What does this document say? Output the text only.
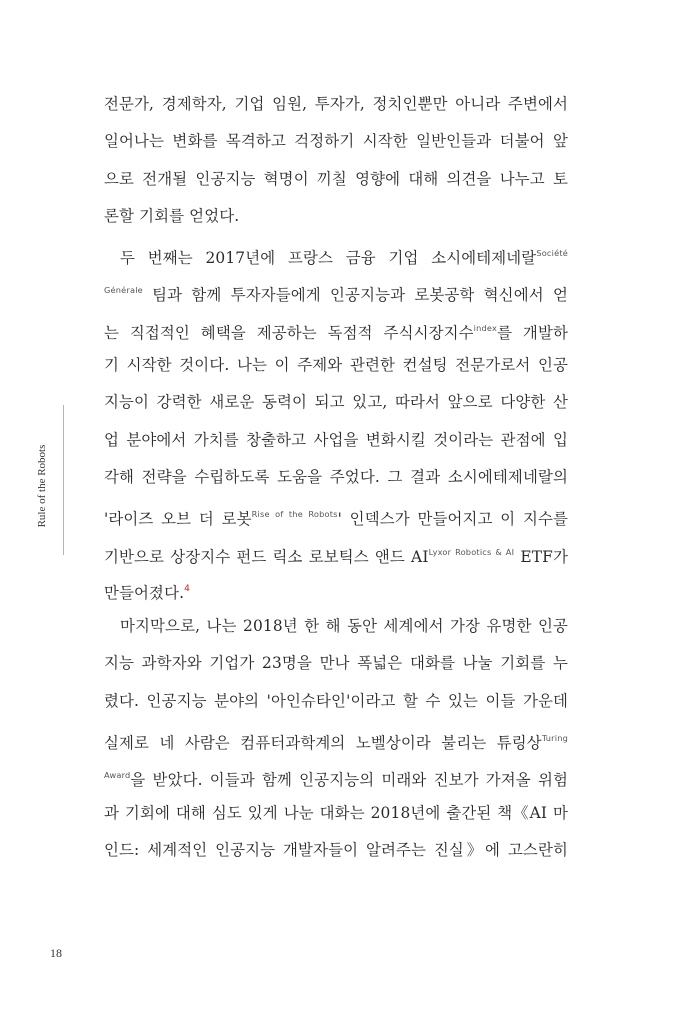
Rule of the Robots
전문가, 경제학자, 기업 임원, 투자가, 정치인뿐만 아니라 주변에서
일어나는 변화를 목격하고 걱정하기 시작한 일반인들과 더불어 앞
으로 전개될 인공지능 혁명이 끼칠 영향에 대해 의견을 나누고 토
론할 기회를 얻었다.
두 번째는 2017년에 프랑스 금융 기업 소시에테제네랄$^{Société}$
$^{Générale}$ 팀과 함께 투자자들에게 인공지능과 로봇공학 혁신에서 얻
는 직접적인 혜택을 제공하는 독점적 주식시장지수$^{index}$를 개발하
기 시작한 것이다. 나는 이 주제와 관련한 컨설팅 전문가로서 인공
지능이 강력한 새로운 동력이 되고 있고, 따라서 앞으로 다양한 산
업 분야에서 가치를 창출하고 사업을 변화시킬 것이라는 관점에 입
각해 전략을 수립하도록 도움을 주었다. 그 결과 소시에테제네랄의
'라이즈 오브 더 로봇$^{Rise of the Robots}$' 인덱스가 만들어지고 이 지수를
기반으로 상장지수 펀드 릭소 로보틱스 앤드 $AI^{Lyxor Robotics \& AI}$ ETF가
만들어졌다.$^4$
마지막으로, 나는 2018년 한 해 동안 세계에서 가장 유명한 인공
지능 과학자와 기업가 23명을 만나 폭넓은 대화를 나눌 기회를 누
렸다. 인공지능 분야의 '아인슈타인'이라고 할 수 있는 이들 가운데
실제로 네 사람은 컴퓨터과학계의 노벨상이라 불리는 튜링상$^{Turing}$
$^{Award}$을 받았다. 이들과 함께 인공지능의 미래와 진보가 가져올 위험
과 기회에 대해 심도 있게 나눈 대화는 2018년에 출간된 책《AI 마
인드: 세계적인 인공지능 개발자들이 알려주는 진실》에 고스란히
18
